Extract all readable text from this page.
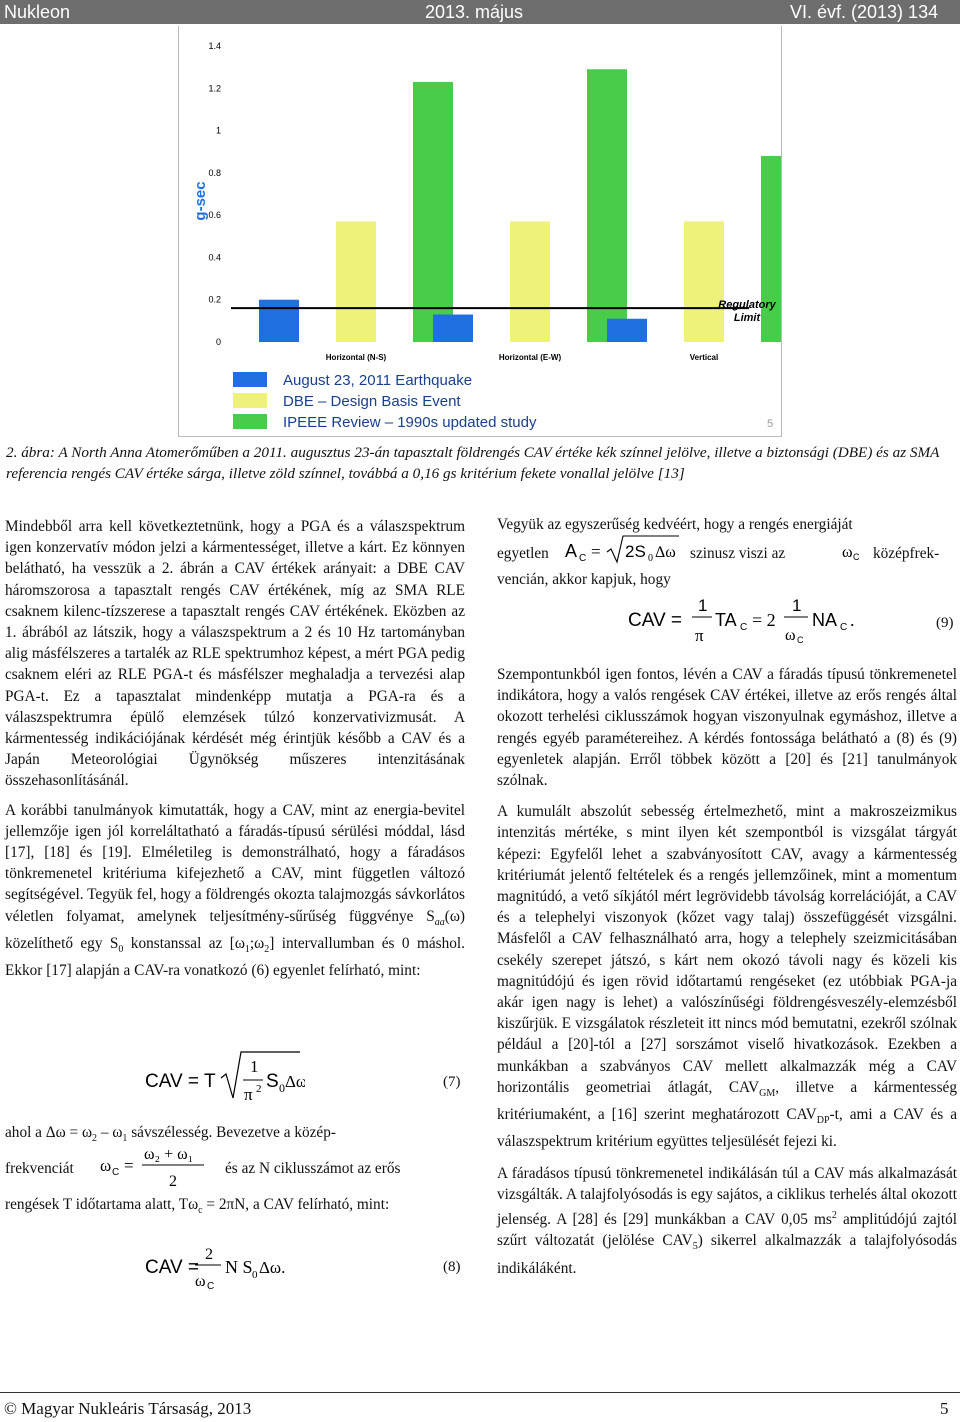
Nukleon	2013. május	VI. évf. (2013) 134
g-sec
0
0.2
0.4
0.6
0.8
1
1.2
1.4
Horizontal (N-S)	Horizontal (E-W)	Vertical
Regulatory
Limit
August 23, 2011 Earthquake
DBE – Design Basis Event
IPEEE Review – 1990s updated study	5
2. ábra: A North Anna Atomerőműben a 2011. augusztus 23-án tapasztalt földrengés CAV értéke kék színnel jelölve, illetve a biztonsági (DBE) és az SMA referencia rengés CAV értéke sárga, illetve zöld színnel, továbbá a 0,16 gs kritérium fekete vonallal jelölve [13]

Mindebből arra kell következtetnünk, hogy a PGA és a válaszspektrum igen konzervatív módon jelzi a kármentességet, illetve a kárt. Ez könnyen belátható, ha vesszük a 2. ábrán a CAV értékek arányait: a DBE CAV háromszorosa a tapasztalt rengés CAV értékének, míg az SMA RLE csaknem kilenc-tízszerese a tapasztalt rengés CAV értékének. Eközben az 1. ábrából az látszik, hogy a válaszspektrum a 2 és 10 Hz tartományban alig másfélszeres a tartalék az RLE spektrumhoz képest, a mért PGA pedig csaknem eléri az RLE PGA-t és másfélszer meghaladja a tervezési alap PGA-t. Ez a tapasztalat mindenképp mutatja a PGA-ra és a válaszspektrumra épülő elemzések túlzó konzervativizmusát. A kármentesség indikációjának kérdését még érintjük később a CAV és a Japán Meteorológiai Ügynökség műszeres intenzitásának összehasonlításánál.

A korábbi tanulmányok kimutatták, hogy a CAV, mint az energia-bevitel jellemzője igen jól korreláltatható a fáradás-típusú sérülési móddal, lásd [17], [18] és [19]. Elméletileg is demonstrálható, hogy a fáradásos tönkremenetel kritériuma kifejezhető a CAV, mint független változó segítségével. Tegyük fel, hogy a földrengés okozta talajmozgás sávkorlátos véletlen folyamat, amelynek teljesítmény-sűrűség függvénye $S_{aa}(\omega)$ közelíthető egy $S_0$ konstanssal az $[\omega_1;\omega_2]$ intervallumban és 0 máshol. Ekkor [17] alapján a CAV-ra vonatkozó (6) egyenlet felírható, mint:

CAV = T
1
π 2 S 0 Δω	(7)
ahol a $\Delta\omega = \omega_2 - \omega_1$ sávszélesség. Bevezetve a közép-
frekvenciát ω C =
ω₂ + ω₁
2
és az N ciklusszámot az erős
rengések T időtartama alatt, $T\omega_c = 2\pi N$, a CAV felírható, mint:
CAV =
2
ω C
N S 0 Δω.	(8)
Vegyük az egyszerűség kedvéért, hogy a rengés energiáját
egyetlen A C = 2S 0 Δω szinusz viszi az	ω C középfrek-
vencián, akkor kapjuk, hogy
CAV =
1
π
TA C = 2
1
ω C
NA C .	(9)

Szempontunkból igen fontos, lévén a CAV a fáradás típusú tönkremenetel indikátora, hogy a valós rengések CAV értékei, illetve az erős rengés által okozott terhelési ciklusszámok hogyan viszonyulnak egymáshoz, illetve a rengés egyéb paramétereihez. A kérdés fontossága belátható a (8) és (9) egyenletek alapján. Erről többek között a [20] és [21] tanulmányok szólnak.

A kumulált abszolút sebesség értelmezhető, mint a makroszeizmikus intenzitás mértéke, s mint ilyen két szempontból is vizsgálat tárgyát képezi: Egyfelől lehet a szabványosított CAV, avagy a kármentesség kritériumát jelentő feltételek és a rengés jellemzőinek, mint a momentum magnitúdó, a vető síkjától mért legrövidebb távolság korrelációját, a CAV és a telephelyi viszonyok (kőzet vagy talaj) összefüggését vizsgálni. Másfelől a CAV felhasználható arra, hogy a telephely szeizmicitásában csekély szerepet játszó, s kárt nem okozó távoli nagy és közeli kis magnitúdójú és igen rövid időtartamú rengéseket (ez utóbbiak PGA-ja akár igen nagy is lehet) a valószínűségi földrengésveszély-elemzésből kiszűrjük. E vizsgálatok részleteit itt nincs mód bemutatni, ezekről szólnak például a [20]-tól a [27] sorszámot viselő hivatkozások. Ezekben a munkákban a szabványos CAV mellett alkalmazzák még a CAV horizontális geometriai átlagát, $CAV_{GM}$, illetve a kármentesség kritériumaként, a [16] szerint meghatározott $CAV_{DP}-t$, ami a CAV és a válaszspektrum kritérium együttes teljesülését fejezi ki.

A fáradásos típusú tönkremenetel indikálásán túl a CAV más alkalmazását vizsgálták. A talajfolyósodás is egy sajátos, a ciklikus terhelés által okozott jelenség. A [28] és [29] munkákban a CAV 0,05 $ms^2$ amplitúdójú zajtól szűrt változatát (jelölése $CAV_5$) sikerrel alkalmazzák a talajfolyósodás indikáláként.

© Magyar Nukleáris Társaság, 2013	5
